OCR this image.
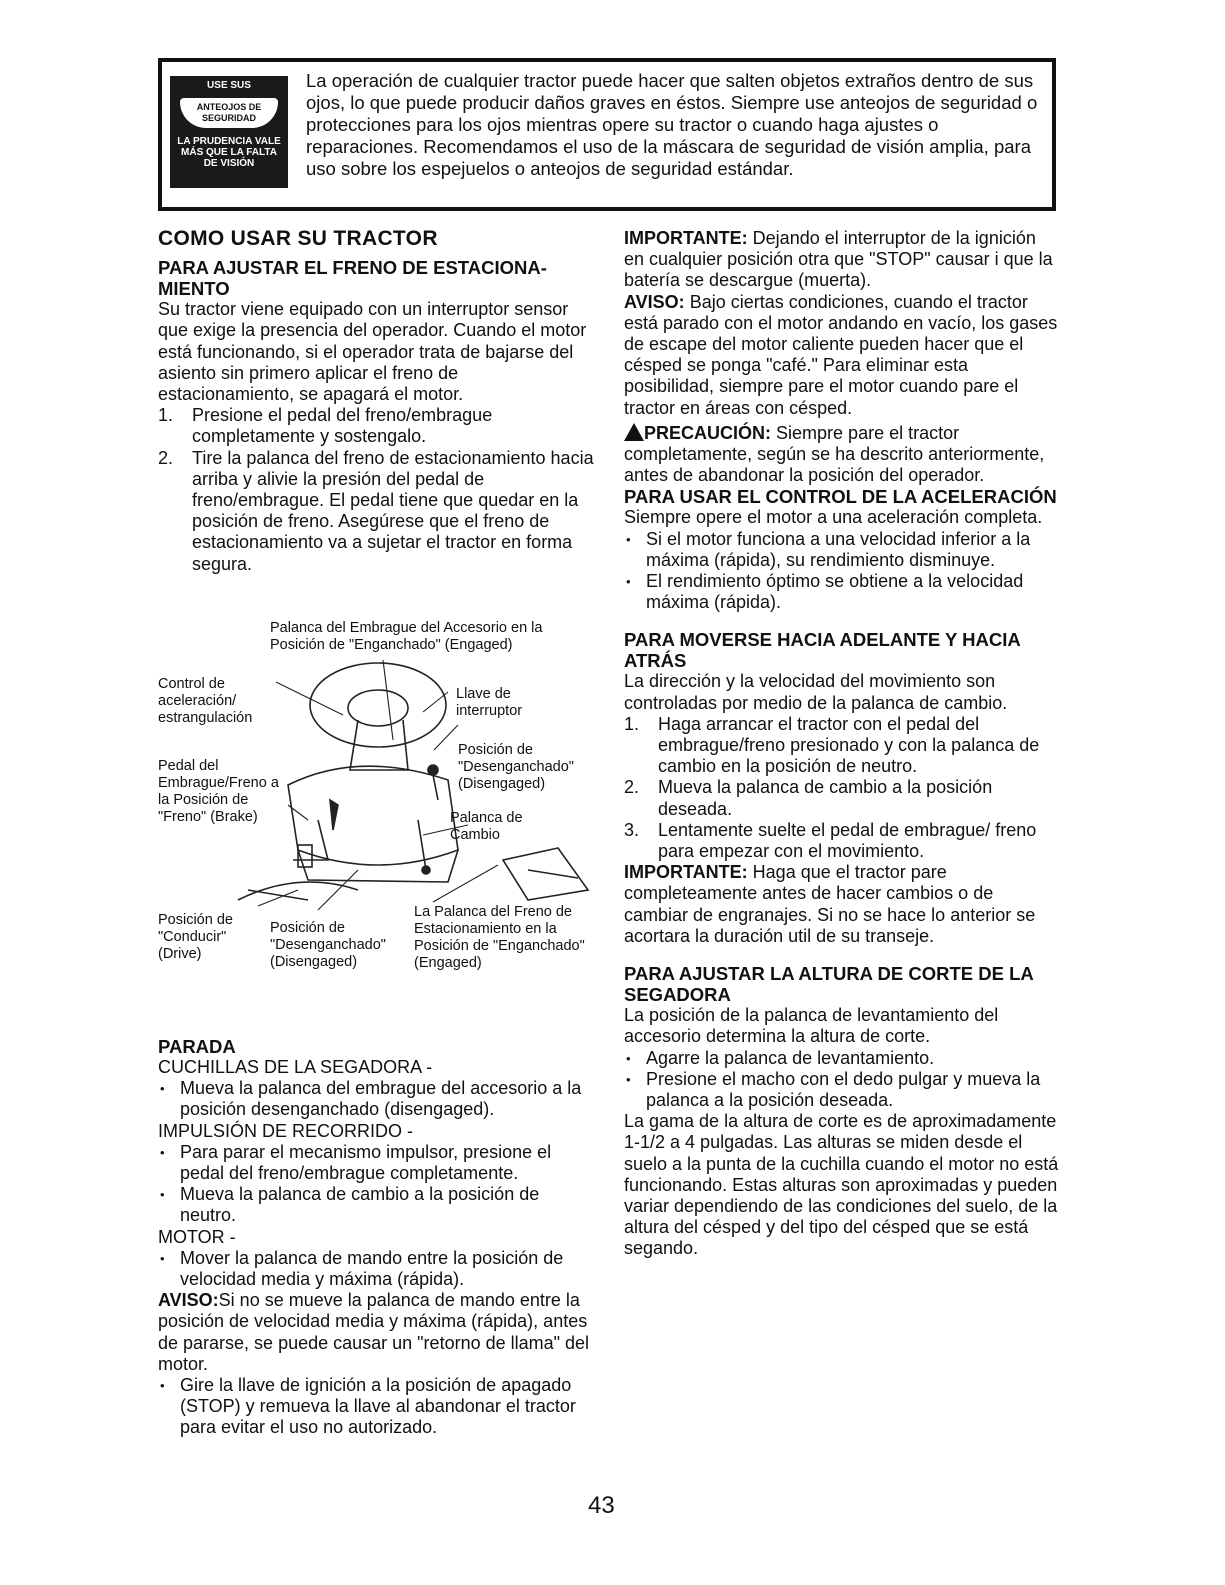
USE SUS
ANTEOJOS DE SEGURIDAD
LA PRUDENCIA VALE MÁS QUE LA FALTA DE VISIÓN
La operación de cualquier tractor puede hacer que salten objetos extraños dentro de sus ojos, lo que puede producir daños graves en éstos. Siempre use anteojos de seguridad o protecciones para los ojos mientras opere su tractor o cuando haga ajustes o reparaciones. Recomendamos el uso de la máscara de seguridad de visión amplia, para uso sobre los espejuelos o anteojos de seguridad estándar.
COMO USAR SU TRACTOR
PARA AJUSTAR EL FRENO DE ESTACIONA-MIENTO

Su tractor viene equipado con un interruptor sensor que exige la presencia del operador. Cuando el motor está funcionando, si el operador trata de bajarse del asiento sin primero aplicar el freno de estacionamiento, se apagará el motor.

1. Presione el pedal del freno/embrague completamente y sostengalo.
2. Tire la palanca del freno de estacionamiento hacia arriba y alivie la presión del pedal de freno/embrague. El pedal tiene que quedar en la posición de freno. Asegúrese que el freno de estacionamiento va a sujetar el tractor en forma segura.
Palanca del Embrague del Accesorio en la Posición de "Enganchado" (Engaged)
Control de aceleración/ estrangulación
Llave de interruptor
Posición de "Desenganchado" (Disengaged)
Pedal del Embrague/Freno a la Posición de "Freno" (Brake)	Palanca de Cambio
Posición de "Conducir" (Drive)
Posición de "Desenganchado" (Disengaged)
La Palanca del Freno de Estacionamiento en la Posición de "Enganchado" (Engaged)
PARADA

CUCHILLAS DE LA SEGADORA -

• Mueva la palanca del embrague del accesorio a la posición desenganchado (disengaged).

IMPULSIÓN DE RECORRIDO -

• Para parar el mecanismo impulsor, presione el pedal del freno/embrague completamente.
• Mueva la palanca de cambio a la posición de neutro.

MOTOR -

• Mover la palanca de mando entre la posición de velocidad media y máxima (rápida).

AVISO:Si no se mueve la palanca de mando entre la posición de velocidad media y máxima (rápida), antes de pararse, se puede causar un "retorno de llama" del motor.

• Gire la llave de ignición a la posición de apagado (STOP) y remueva la llave al abandonar el tractor para evitar el uso no autorizado.

IMPORTANTE: Dejando el interruptor de la ignición en cualquier posición otra que "STOP" causar i que la batería se descargue (muerta).

AVISO: Bajo ciertas condiciones, cuando el tractor está parado con el motor andando en vacío, los gases de escape del motor caliente pueden hacer que el césped se ponga "café." Para eliminar esta posibilidad, siempre pare el motor cuando pare el tractor en áreas con césped.

PRECAUCIÓN: Siempre pare el tractor completamente, según se ha descrito anteriormente, antes de abandonar la posición del operador.

PARA USAR EL CONTROL DE LA ACELERACIÓN

Siempre opere el motor a una aceleración completa.

• Si el motor funciona a una velocidad inferior a la máxima (rápida), su rendimiento disminuye.
• El rendimiento óptimo se obtiene a la velocidad máxima (rápida).
PARA MOVERSE HACIA ADELANTE Y HACIA ATRÁS

La dirección y la velocidad del movimiento son controladas por medio de la palanca de cambio.

1. Haga arrancar el tractor con el pedal del embrague/freno presionado y con la palanca de cambio en la posición de neutro.
2. Mueva la palanca de cambio a la posición deseada.
3. Lentamente suelte el pedal de embrague/ freno para empezar con el movimiento.

IMPORTANTE: Haga que el tractor pare completeamente antes de hacer cambios o de cambiar de engranajes. Si no se hace lo anterior se acortara la duración util de su transeje.

PARA AJUSTAR LA ALTURA DE CORTE DE LA SEGADORA

La posición de la palanca de levantamiento del accesorio determina la altura de corte.

• Agarre la palanca de levantamiento.
• Presione el macho con el dedo pulgar y mueva la palanca a la posición deseada.

La gama de la altura de corte es de aproximadamente 1-1/2 a 4 pulgadas. Las alturas se miden desde el suelo a la punta de la cuchilla cuando el motor no está funcionando. Estas alturas son aproximadas y pueden variar dependiendo de las condiciones del suelo, de la altura del césped y del tipo del césped que se está segando.

43
